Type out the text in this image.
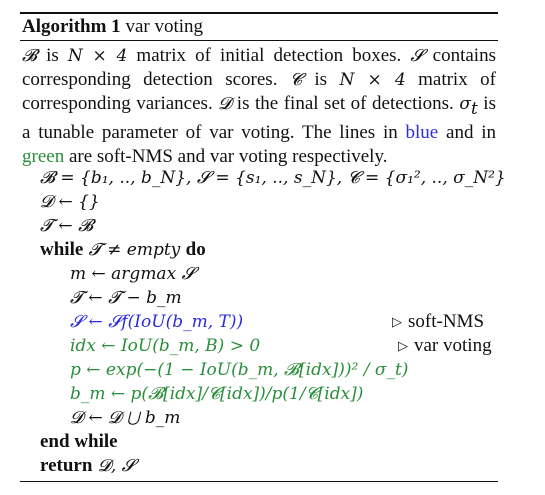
Algorithm 1 var voting
𝓑 is N × 4 matrix of initial detection boxes. 𝓢 contains corresponding detection scores. 𝓒 is N × 4 matrix of corresponding variances. 𝓓 is the final set of detections. $\sigma_t$ is a tunable parameter of var voting. The lines in blue and in green are soft-NMS and var voting respectively.
𝓑 = {b₁, .., b_N}, 𝓢 = {s₁, .., s_N}, 𝓒 = {σ₁², .., σ_N²}
𝓓 ← {}
𝓣 ← 𝓑
while 𝓣 ≠ empty do
m ← argmax 𝓢
𝓣 ← 𝓣 − b_m
𝓢 ← 𝓢f(IoU(b_m, T))
idx ← IoU(b_m, B) > 0
p ← exp(−(1 − IoU(b_m, 𝓑[idx]))² / σ_t)
b_m ← p(𝓑[idx]/𝓒[idx])/p(1/𝓒[idx])
𝓓 ← 𝓓 ⋃ b_m
end while
return 𝓓, 𝓢
▷ soft-NMS
▷ var voting
